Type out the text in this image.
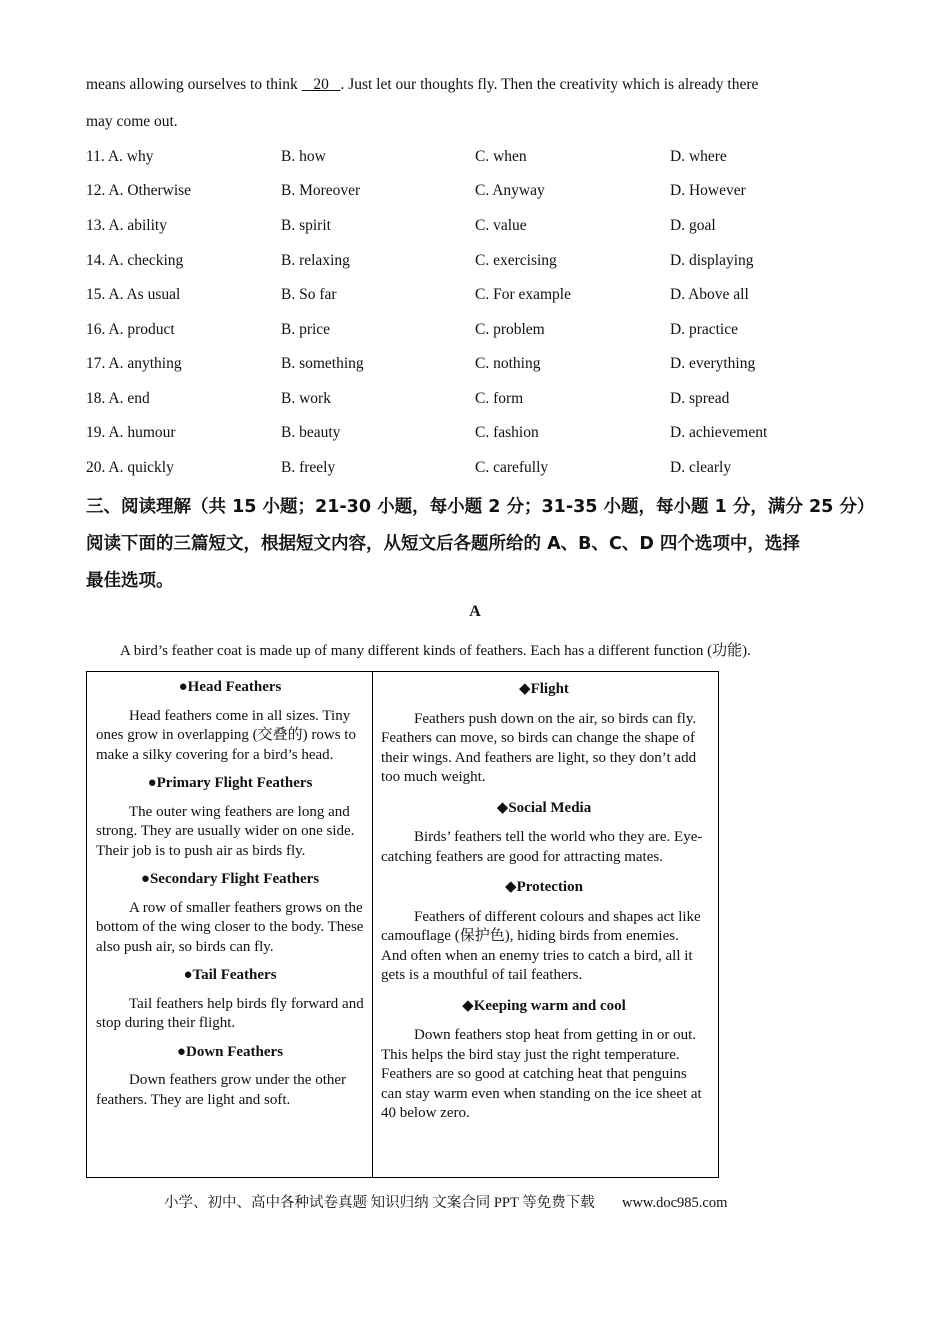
means allowing ourselves to think    20   . Just let our thoughts fly. Then the creativity which is already there
may come out.
11. A. why	B. how	C. when	D. where
12. A. Otherwise	B. Moreover	C. Anyway	D. However
13. A. ability	B. spirit	C. value	D. goal
14. A. checking	B. relaxing	C. exercising	D. displaying
15. A. As usual	B. So far	C. For example	D. Above all
16. A. product	B. price	C. problem	D. practice
17. A. anything	B. something	C. nothing	D. everything
18. A. end	B. work	C. form	D. spread
19. A. humour	B. beauty	C. fashion	D. achievement
20. A. quickly	B. freely	C. carefully	D. clearly
三、阅读理解（共 15 小题；21-30 小题，每小题 2 分；31-35 小题，每小题 1 分，满分 25 分）
阅读下面的三篇短文，根据短文内容，从短文后各题所给的 A、B、C、D 四个选项中，选择
最佳选项。
A
A bird’s feather coat is made up of many different kinds of feathers. Each has a different function (功能).

●Head Feathers

Head feathers come in all sizes. Tiny ones grow in overlapping (交叠的) rows to make a silky covering for a bird’s head.

●Primary Flight Feathers

The outer wing feathers are long and strong. They are usually wider on one side. Their job is to push air as birds fly.

●Secondary Flight Feathers

A row of smaller feathers grows on the bottom of the wing closer to the body. These also push air, so birds can fly.

●Tail Feathers

Tail feathers help birds fly forward and stop during their flight.

●Down Feathers

Down feathers grow under the other feathers. They are light and soft.

◆Flight

Feathers push down on the air, so birds can fly. Feathers can move, so birds can change the shape of their wings. And feathers are light, so they don’t add too much weight.

◆Social Media

Birds’ feathers tell the world who they are. Eye-catching feathers are good for attracting mates.

◆Protection

Feathers of different colours and shapes act like camouflage (保护色), hiding birds from enemies. And often when an enemy tries to catch a bird, all it gets is a mouthful of tail feathers.

◆Keeping warm and cool

Down feathers stop heat from getting in or out. This helps the bird stay just the right temperature. Feathers are so good at catching heat that penguins can stay warm even when standing on the ice sheet at 40 below zero.

小学、初中、高中各种试卷真题 知识归纳 文案合同 PPT 等免费下载 www.doc985.com
